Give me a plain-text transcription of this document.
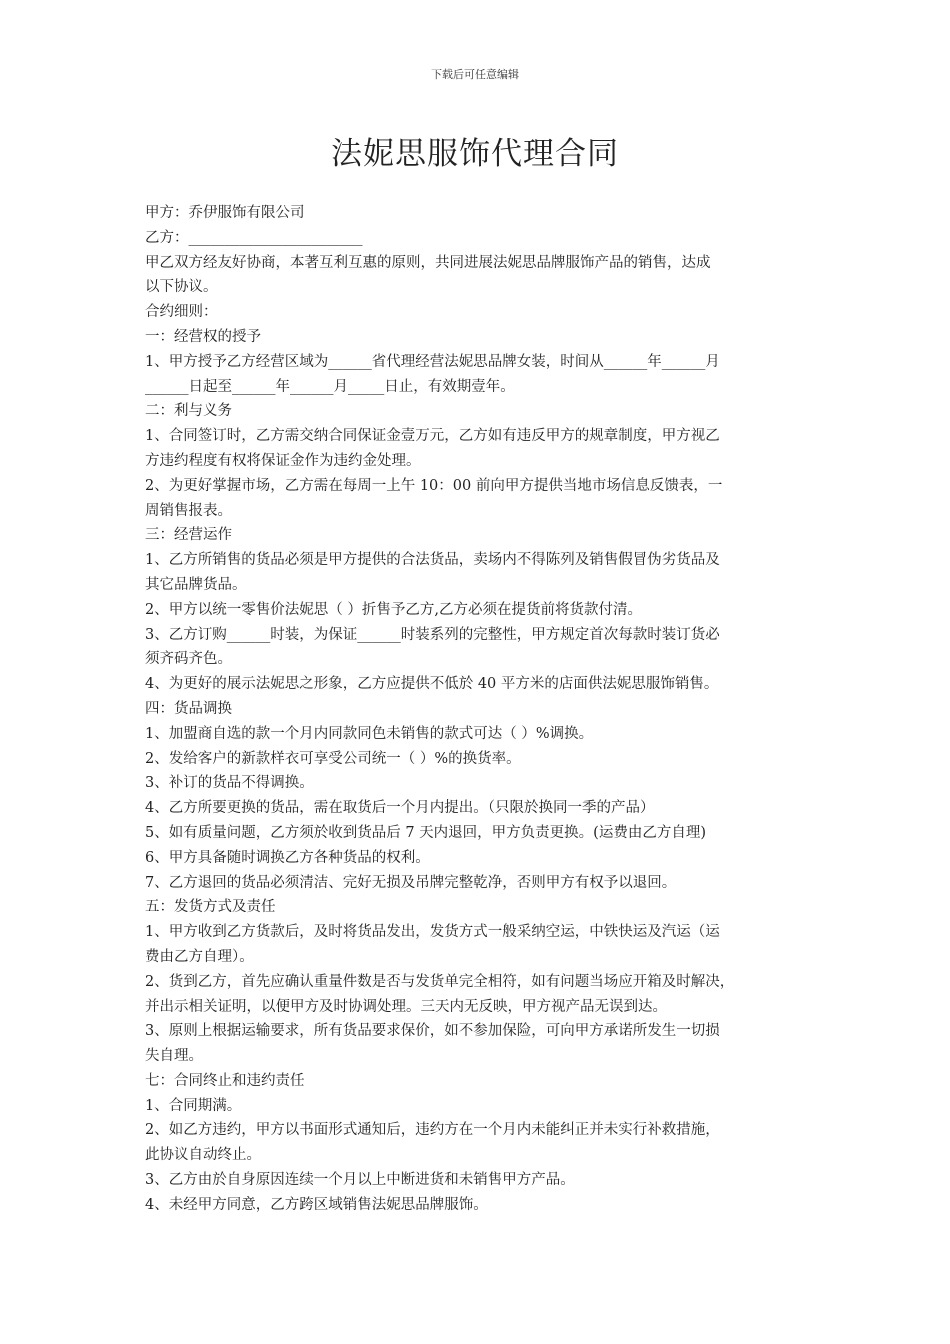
下载后可任意编辑
法妮思服饰代理合同
甲方：乔伊服饰有限公司
乙方：________________________
甲乙双方经友好协商，本著互利互惠的原则，共同进展法妮思品牌服饰产品的销售，达成
以下协议。
合约细则：
一：经营权的授予
1、甲方授予乙方经营区域为______省代理经营法妮思品牌女装，时间从______年______月
______日起至______年______月_____日止，有效期壹年。
二：利与义务
1、合同签订时，乙方需交纳合同保证金壹万元，乙方如有违反甲方的规章制度，甲方视乙
方违约程度有权将保证金作为违约金处理。
2、为更好掌握市场，乙方需在每周一上午 10：00 前向甲方提供当地市场信息反馈表，一
周销售报表。
三：经营运作
1、乙方所销售的货品必须是甲方提供的合法货品，卖场内不得陈列及销售假冒伪劣货品及
其它品牌货品。
2、甲方以统一零售价法妮思（ ）折售予乙方,乙方必须在提货前将货款付清。
3、乙方订购______时装，为保证______时装系列的完整性，甲方规定首次每款时装订货必
须齐码齐色。
4、为更好的展示法妮思之形象，乙方应提供不低於 40 平方米的店面供法妮思服饰销售。
四：货品调换
1、加盟商自选的款一个月内同款同色未销售的款式可达（ ）%调换。
2、发给客户的新款样衣可享受公司统一（ ）%的换货率。
3、补订的货品不得调换。
4、乙方所要更换的货品，需在取货后一个月内提出。（只限於换同一季的产品）
5、如有质量问题，乙方须於收到货品后 7 天内退回，甲方负责更换。(运费由乙方自理)
6、甲方具备随时调换乙方各种货品的权利。
7、乙方退回的货品必须清洁、完好无损及吊牌完整乾净，否则甲方有权予以退回。
五：发货方式及责任
1、甲方收到乙方货款后，及时将货品发出，发货方式一般采纳空运，中铁快运及汽运（运
费由乙方自理）。
2、货到乙方，首先应确认重量件数是否与发货单完全相符，如有问题当场应开箱及时解决，
并出示相关证明，以便甲方及时协调处理。三天内无反映，甲方视产品无误到达。
3、原则上根据运输要求，所有货品要求保价，如不参加保险，可向甲方承诺所发生一切损
失自理。
七：合同终止和违约责任
1、合同期满。
2、如乙方违约，甲方以书面形式通知后，违约方在一个月内未能纠正并未实行补救措施，
此协议自动终止。
3、乙方由於自身原因连续一个月以上中断进货和未销售甲方产品。
4、未经甲方同意，乙方跨区域销售法妮思品牌服饰。
